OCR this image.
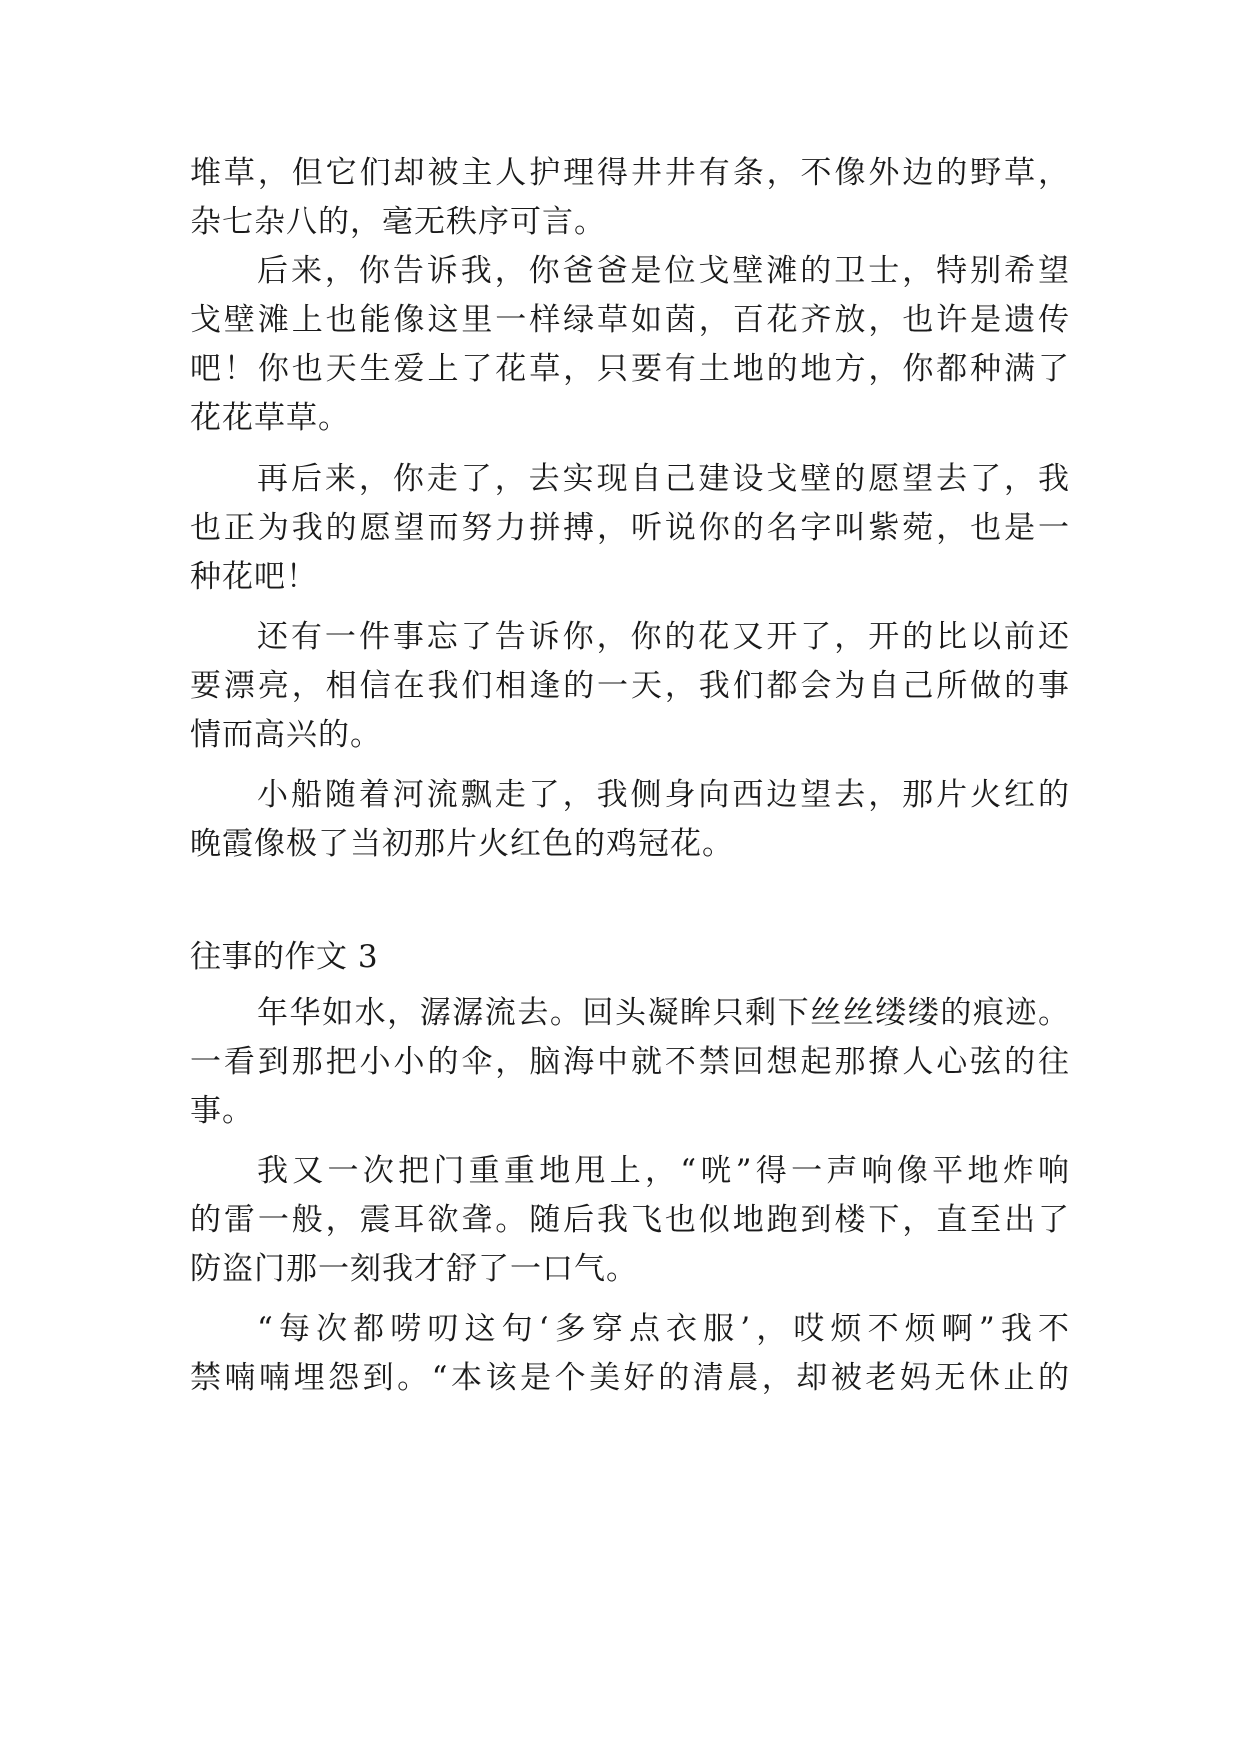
堆草，但它们却被主人护理得井井有条，不像外边的野草，
杂七杂八的，毫无秩序可言。
后来，你告诉我，你爸爸是位戈壁滩的卫士，特别希望
戈壁滩上也能像这里一样绿草如茵，百花齐放，也许是遗传
吧！你也天生爱上了花草，只要有土地的地方，你都种满了
花花草草。
再后来，你走了，去实现自己建设戈壁的愿望去了，我
也正为我的愿望而努力拼搏，听说你的名字叫紫菀，也是一
种花吧！
还有一件事忘了告诉你，你的花又开了，开的比以前还
要漂亮，相信在我们相逢的一天，我们都会为自己所做的事
情而高兴的。
小船随着河流飘走了，我侧身向西边望去，那片火红的
晚霞像极了当初那片火红色的鸡冠花。
往事的作文 3
年华如水，潺潺流去。回头凝眸只剩下丝丝缕缕的痕迹。
一看到那把小小的伞，脑海中就不禁回想起那撩人心弦的往
事。
我又一次把门重重地甩上，“咣”得一声响像平地炸响
的雷一般，震耳欲聋。随后我飞也似地跑到楼下，直至出了
防盗门那一刻我才舒了一口气。
“每次都唠叨这句‘多穿点衣服’，哎烦不烦啊”我不
禁喃喃埋怨到。“本该是个美好的清晨，却被老妈无休止的
